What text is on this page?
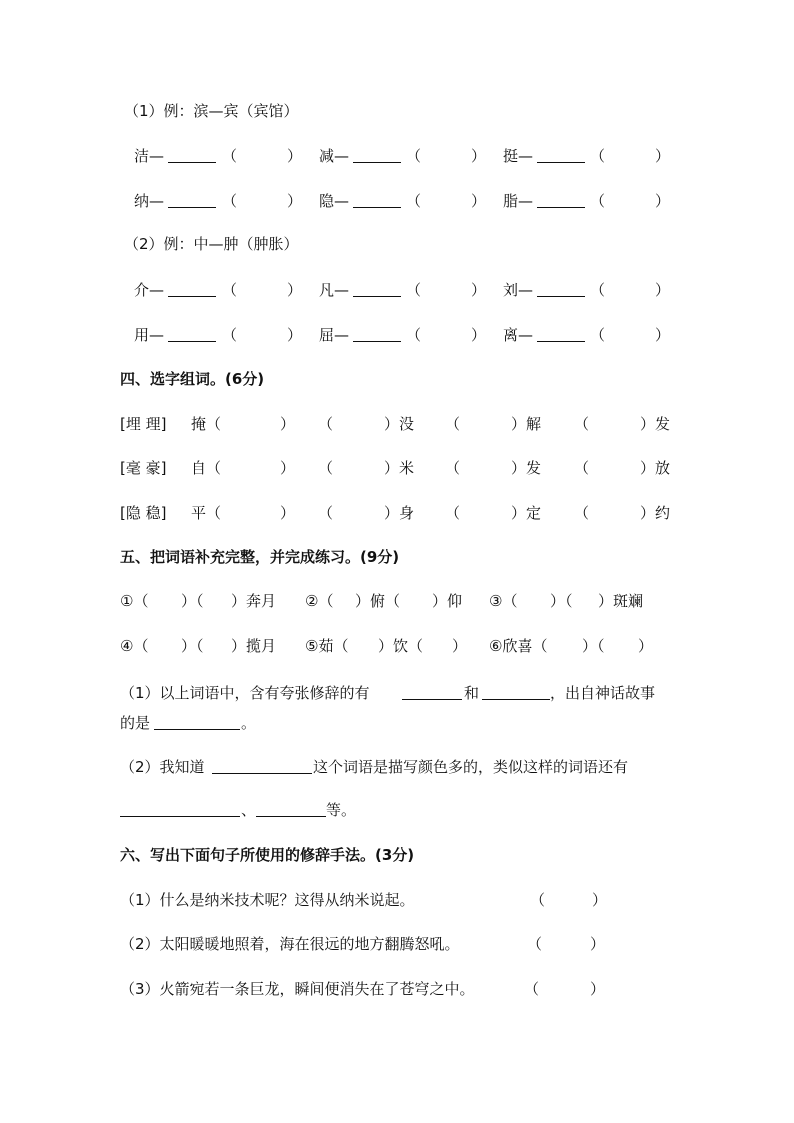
（1）例：滨—宾（宾馆）
洁—	（	） 减—	（	） 挺—	（	）
纳—	（	） 隐—	（	） 脂—	（	）
（2）例：中—肿（肿胀）
介—	（	） 凡—	（	） 刘—	（	）
用—	（	） 屈—	（	） 离—	（	）
四、选字组词。(6分)
[埋 理] 掩（	） （	）没 （	）解 （	）发
[毫 豪] 自（	） （	）米 （	）发 （	）放
[隐 稳] 平（	） （	）身 （	）定 （	）约
五、把词语补充完整，并完成练习。(9分)
①（ ）（ ）奔月 ②（ ）俯（ ）仰 ③（ ）（ ）斑斓
④（ ）（ ）揽月 ⑤茹（ ）饮（ ） ⑥欣喜（ ）（ ）
（1）以上词语中，含有夸张修辞的有	和	，出自神话故事
的是	。
（2）我知道	这个词语是描写颜色多的，类似这样的词语还有
、	等。
六、写出下面句子所使用的修辞手法。(3分)
（1）什么是纳米技术呢？这得从纳米说起。	（	）
（2）太阳暖暖地照着，海在很远的地方翻腾怒吼。	（	）
（3）火箭宛若一条巨龙，瞬间便消失在了苍穹之中。	（	）
